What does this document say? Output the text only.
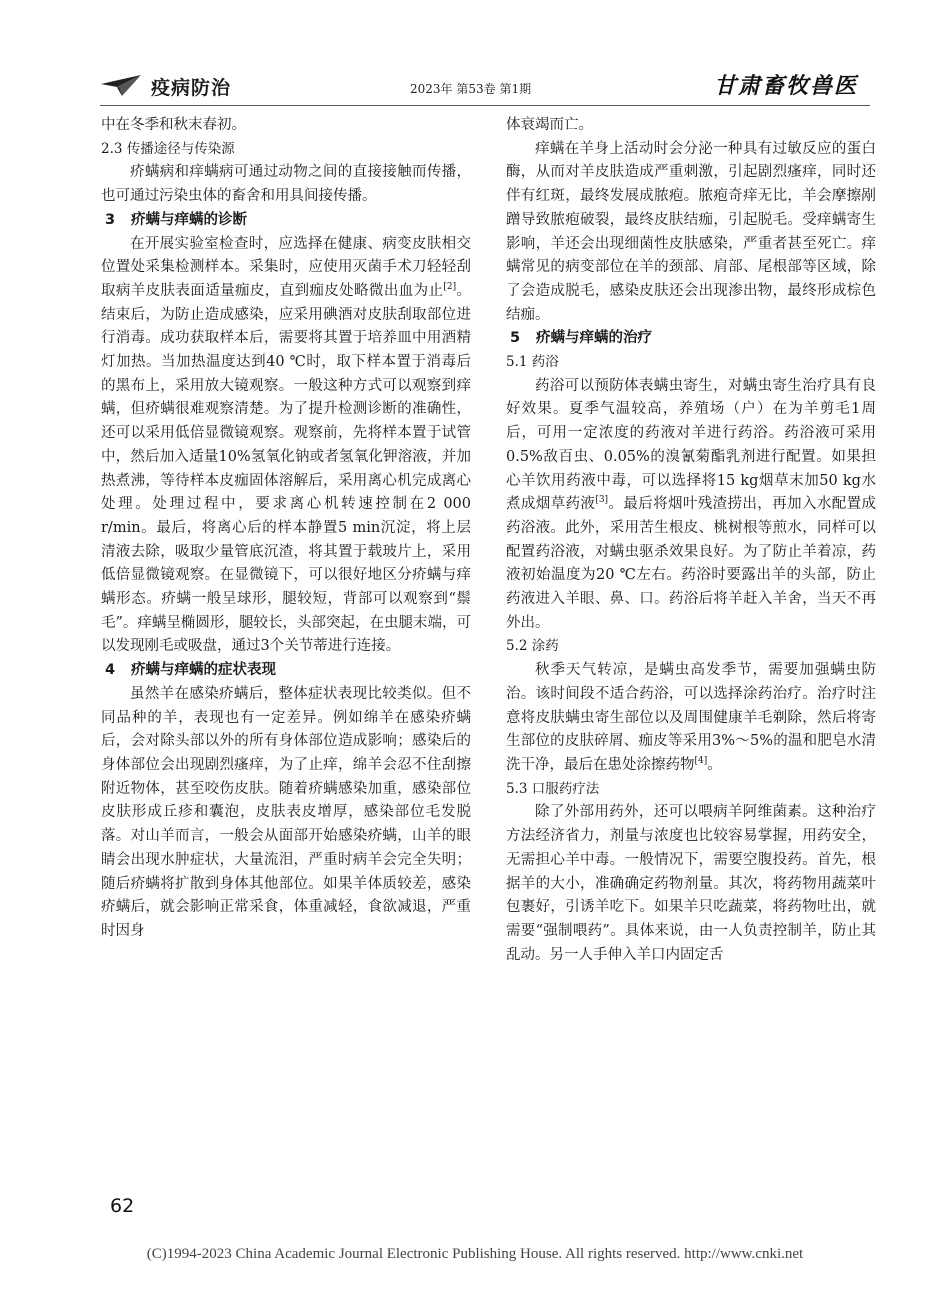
疫病防治	2023年 第53卷 第1期	甘肃畜牧兽医

中在冬季和秋末春初。

2.3 传播途径与传染源

疥螨病和痒螨病可通过动物之间的直接接触而传播，也可通过污染虫体的畜舍和用具间接传播。

3 疥螨与痒螨的诊断

在开展实验室检查时，应选择在健康、病变皮肤相交位置处采集检测样本。采集时，应使用灭菌手术刀轻轻刮取病羊皮肤表面适量痂皮，直到痂皮处略微出血为止[2]。结束后，为防止造成感染，应采用碘酒对皮肤刮取部位进行消毒。成功获取样本后，需要将其置于培养皿中用酒精灯加热。当加热温度达到40 ℃时，取下样本置于消毒后的黑布上，采用放大镜观察。一般这种方式可以观察到痒螨，但疥螨很难观察清楚。为了提升检测诊断的准确性，还可以采用低倍显微镜观察。观察前，先将样本置于试管中，然后加入适量10%氢氧化钠或者氢氧化钾溶液，并加热煮沸，等待样本皮痂固体溶解后，采用离心机完成离心处理。处理过程中，要求离心机转速控制在2 000 r/min。最后，将离心后的样本静置5 min沉淀，将上层清液去除，吸取少量管底沉渣，将其置于载玻片上，采用低倍显微镜观察。在显微镜下，可以很好地区分疥螨与痒螨形态。疥螨一般呈球形，腿较短，背部可以观察到“鬃毛”。痒螨呈椭圆形，腿较长，头部突起，在虫腿末端，可以发现刚毛或吸盘，通过3个关节蒂进行连接。

4 疥螨与痒螨的症状表现

虽然羊在感染疥螨后，整体症状表现比较类似。但不同品种的羊，表现也有一定差异。例如绵羊在感染疥螨后，会对除头部以外的所有身体部位造成影响；感染后的身体部位会出现剧烈瘙痒，为了止痒，绵羊会忍不住刮擦附近物体，甚至咬伤皮肤。随着疥螨感染加重，感染部位皮肤形成丘疹和囊泡，皮肤表皮增厚，感染部位毛发脱落。对山羊而言，一般会从面部开始感染疥螨，山羊的眼睛会出现水肿症状，大量流泪，严重时病羊会完全失明；随后疥螨将扩散到身体其他部位。如果羊体质较差，感染疥螨后，就会影响正常采食，体重减轻，食欲减退，严重时因身

体衰竭而亡。

痒螨在羊身上活动时会分泌一种具有过敏反应的蛋白酶，从而对羊皮肤造成严重刺激，引起剧烈瘙痒，同时还伴有红斑，最终发展成脓疱。脓疱奇痒无比，羊会摩擦剐蹭导致脓疱破裂，最终皮肤结痂，引起脱毛。受痒螨寄生影响，羊还会出现细菌性皮肤感染，严重者甚至死亡。痒螨常见的病变部位在羊的颈部、肩部、尾根部等区域，除了会造成脱毛，感染皮肤还会出现渗出物，最终形成棕色结痂。

5 疥螨与痒螨的治疗

5.1 药浴

药浴可以预防体表螨虫寄生，对螨虫寄生治疗具有良好效果。夏季气温较高，养殖场（户）在为羊剪毛1周后，可用一定浓度的药液对羊进行药浴。药浴液可采用0.5%敌百虫、0.05%的溴氰菊酯乳剂进行配置。如果担心羊饮用药液中毒，可以选择将15 kg烟草末加50 kg水煮成烟草药液[3]。最后将烟叶残渣捞出，再加入水配置成药浴液。此外，采用苦生根皮、桃树根等煎水，同样可以配置药浴液，对螨虫驱杀效果良好。为了防止羊着凉，药液初始温度为20 ℃左右。药浴时要露出羊的头部，防止药液进入羊眼、鼻、口。药浴后将羊赶入羊舍，当天不再外出。

5.2 涂药

秋季天气转凉，是螨虫高发季节，需要加强螨虫防治。该时间段不适合药浴，可以选择涂药治疗。治疗时注意将皮肤螨虫寄生部位以及周围健康羊毛剃除，然后将寄生部位的皮肤碎屑、痂皮等采用3%～5%的温和肥皂水清洗干净，最后在患处涂擦药物[4]。

5.3 口服药疗法

除了外部用药外，还可以喂病羊阿维菌素。这种治疗方法经济省力，剂量与浓度也比较容易掌握，用药安全，无需担心羊中毒。一般情况下，需要空腹投药。首先，根据羊的大小，准确确定药物剂量。其次，将药物用蔬菜叶包裹好，引诱羊吃下。如果羊只吃蔬菜，将药物吐出，就需要“强制喂药”。具体来说，由一人负责控制羊，防止其乱动。另一人手伸入羊口内固定舌

62
(C)1994-2023 China Academic Journal Electronic Publishing House. All rights reserved. http://www.cnki.net
